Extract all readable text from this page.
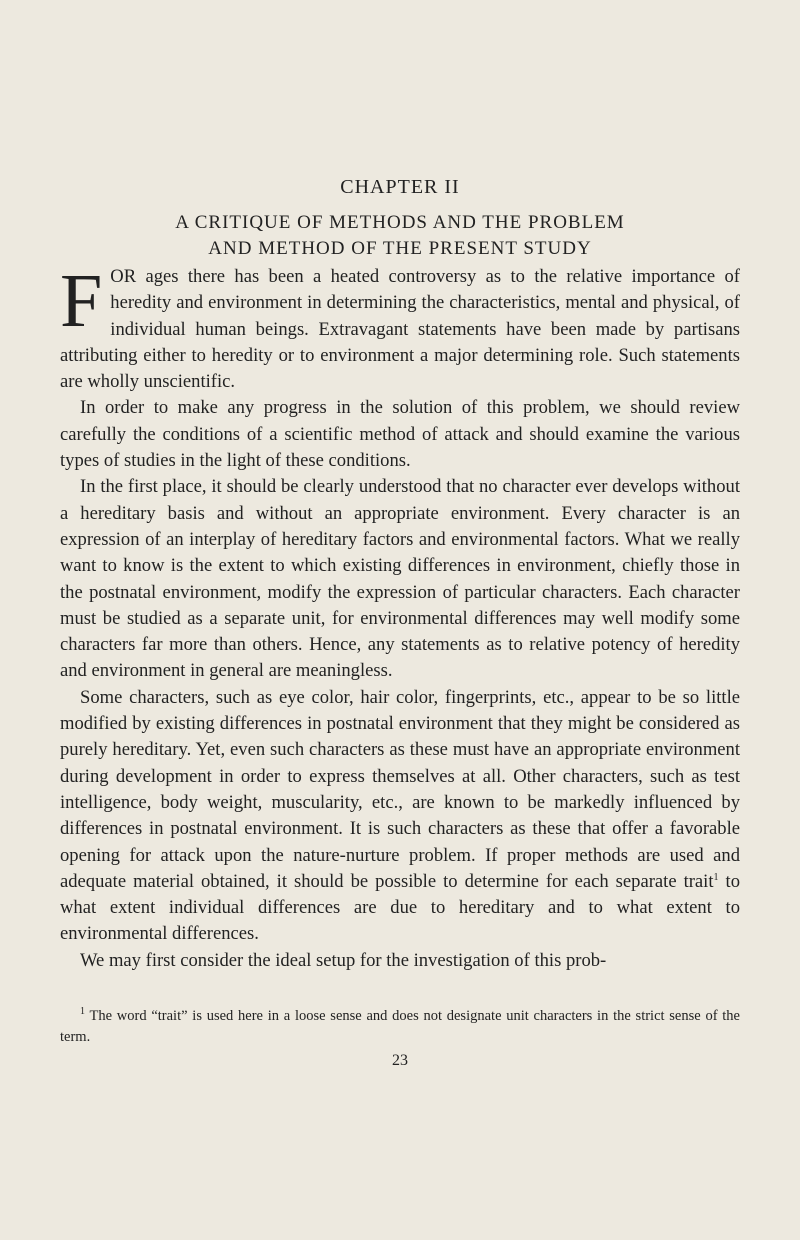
CHAPTER II
A CRITIQUE OF METHODS AND THE PROBLEM
AND METHOD OF THE PRESENT STUDY

FOR ages there has been a heated controversy as to the relative importance of heredity and environment in determining the characteristics, mental and physical, of individual human beings. Extravagant statements have been made by partisans attributing either to heredity or to environment a major determining role. Such statements are wholly unscientific.

In order to make any progress in the solution of this problem, we should review carefully the conditions of a scientific method of attack and should examine the various types of studies in the light of these conditions.

In the first place, it should be clearly understood that no character ever develops without a hereditary basis and without an appropriate environment. Every character is an expression of an interplay of hereditary factors and environmental factors. What we really want to know is the extent to which existing differences in environment, chiefly those in the postnatal environment, modify the expression of particular characters. Each character must be studied as a separate unit, for environmental differences may well modify some characters far more than others. Hence, any statements as to relative potency of heredity and environment in general are meaningless.

Some characters, such as eye color, hair color, fingerprints, etc., appear to be so little modified by existing differences in postnatal environment that they might be considered as purely hereditary. Yet, even such characters as these must have an appropriate environment during development in order to express themselves at all. Other characters, such as test intelligence, body weight, muscularity, etc., are known to be markedly influenced by differences in postnatal environment. It is such characters as these that offer a favorable opening for attack upon the nature-nurture problem. If proper methods are used and adequate material obtained, it should be possible to determine for each separate trait$^1$ to what extent individual differences are due to hereditary and to what extent to environmental differences.

We may first consider the ideal setup for the investigation of this prob-

$^1$ The word “trait” is used here in a loose sense and does not designate unit characters in the strict sense of the term.
23
